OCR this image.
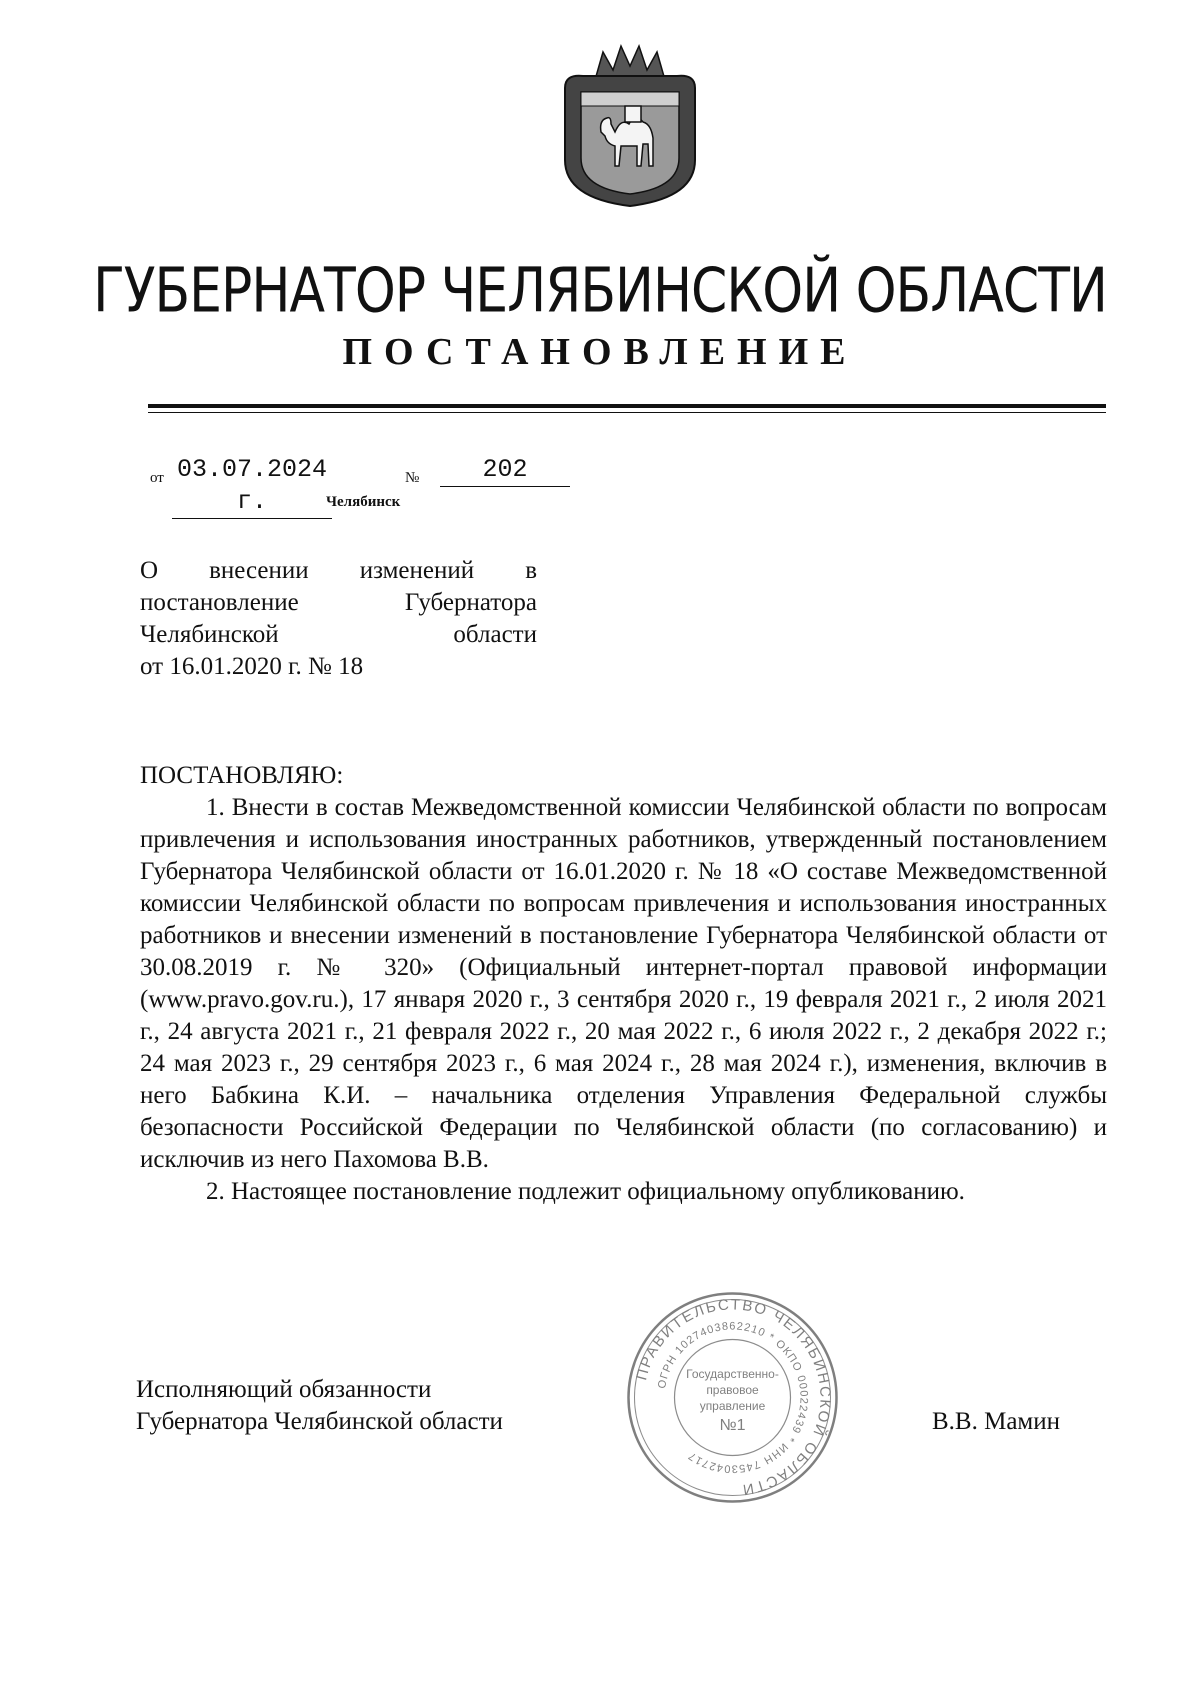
ГУБЕРНАТОР ЧЕЛЯБИНСКОЙ ОБЛАСТИ
ПОСТАНОВЛЕНИЕ
от 03.07.2024 г.
№	202
Челябинск
О внесении изменений в
постановление	Губернатора
Челябинской	области
от 16.01.2020 г. № 18

ПОСТАНОВЛЯЮ:

1. Внести в состав Межведомственной комиссии Челябинской области по вопросам привлечения и использования иностранных работников, утвержденный постановлением Губернатора Челябинской области от 16.01.2020 г. № 18 «О составе Межведомственной комиссии Челябинской области по вопросам привлечения и использования иностранных работников и внесении изменений в постановление Губернатора Челябинской области от 30.08.2019 г. № 320» (Официальный интернет-портал правовой информации (www.pravo.gov.ru.), 17 января 2020 г., 3 сентября 2020 г., 19 февраля 2021 г., 2 июля 2021 г., 24 августа 2021 г., 21 февраля 2022 г., 20 мая 2022 г., 6 июля 2022 г., 2 декабря 2022 г.; 24 мая 2023 г., 29 сентября 2023 г., 6 мая 2024 г., 28 мая 2024 г.), изменения, включив в него Бабкина К.И. – начальника отделения Управления Федеральной службы безопасности Российской Федерации по Челябинской области (по согласованию) и исключив из него Пахомова В.В.

2. Настоящее постановление подлежит официальному опубликованию.

Исполняющий обязанности
Губернатора Челябинской области	В.В. Мамин
ПРАВИТЕЛЬСТВО ЧЕЛЯБИНСКОЙ ОБЛАСТИ
ОГРН 1027403862210 * ОКПО 00022439 * ИНН 7453042717
Государственно-
правовое
управление
№1
